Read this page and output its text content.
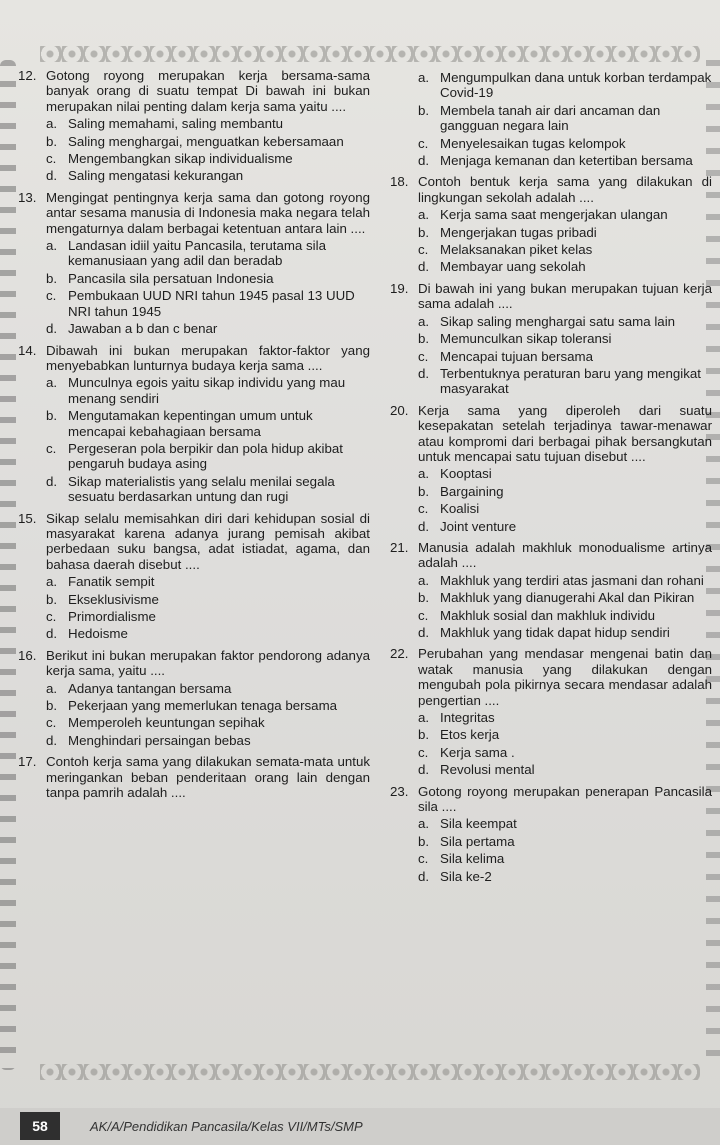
12. Gotong royong merupakan kerja bersama-sama banyak orang di suatu tempat Di bawah ini bukan merupakan nilai penting dalam kerja sama yaitu ....
a. Saling memahami, saling membantu
b. Saling menghargai, menguatkan kebersamaan
c. Mengembangkan sikap individualisme
d. Saling mengatasi kekurangan
13. Mengingat pentingnya kerja sama dan gotong royong antar sesama manusia di Indonesia maka negara telah mengaturnya dalam berbagai ketentuan antara lain ....
a. Landasan idiil yaitu Pancasila, terutama sila kemanusiaan yang adil dan beradab
b. Pancasila sila persatuan Indonesia
c. Pembukaan UUD NRI tahun 1945 pasal 13 UUD NRI tahun 1945
d. Jawaban a b dan c benar
14. Dibawah ini bukan merupakan faktor-faktor yang menyebabkan lunturnya budaya kerja sama ....
a. Munculnya egois yaitu sikap individu yang mau menang sendiri
b. Mengutamakan kepentingan umum untuk mencapai kebahagiaan bersama
c. Pergeseran pola berpikir dan pola hidup akibat pengaruh budaya asing
d. Sikap materialistis yang selalu menilai segala sesuatu berdasarkan untung dan rugi
15. Sikap selalu memisahkan diri dari kehidupan sosial di masyarakat karena adanya jurang pemisah akibat perbedaan suku bangsa, adat istiadat, agama, dan bahasa daerah disebut ....
a. Fanatik sempit
b. Ekseklusivisme
c. Primordialisme
d. Hedoisme
16. Berikut ini bukan merupakan faktor pendorong adanya kerja sama, yaitu ....
a. Adanya tantangan bersama
b. Pekerjaan yang memerlukan tenaga bersama
c. Memperoleh keuntungan sepihak
d. Menghindari persaingan bebas
17. Contoh kerja sama yang dilakukan semata-mata untuk meringankan beban penderitaan orang lain dengan tanpa pamrih adalah ....
a. Mengumpulkan dana untuk korban terdampak Covid-19
b. Membela tanah air dari ancaman dan gangguan negara lain
c. Menyelesaikan tugas kelompok
d. Menjaga kemanan dan ketertiban bersama
18. Contoh bentuk kerja sama yang dilakukan di lingkungan sekolah adalah ....
a. Kerja sama saat mengerjakan ulangan
b. Mengerjakan tugas pribadi
c. Melaksanakan piket kelas
d. Membayar uang sekolah
19. Di bawah ini yang bukan merupakan tujuan kerja sama adalah ....
a. Sikap saling menghargai satu sama lain
b. Memunculkan sikap toleransi
c. Mencapai tujuan bersama
d. Terbentuknya peraturan baru yang mengikat masyarakat
20. Kerja sama yang diperoleh dari suatu kesepakatan setelah terjadinya tawar-menawar atau kompromi dari berbagai pihak bersangkutan untuk mencapai satu tujuan disebut ....
a. Kooptasi
b. Bargaining
c. Koalisi
d. Joint venture
21. Manusia adalah makhluk monodualisme artinya adalah ....
a. Makhluk yang terdiri atas jasmani dan rohani
b. Makhluk yang dianugerahi Akal dan Pikiran
c. Makhluk sosial dan makhluk individu
d. Makhluk yang tidak dapat hidup sendiri
22. Perubahan yang mendasar mengenai batin dan watak manusia yang dilakukan dengan mengubah pola pikirnya secara mendasar adalah pengertian ....
a. Integritas
b. Etos kerja
c. Kerja sama .
d. Revolusi mental
23. Gotong royong merupakan penerapan Pancasila sila ....
a. Sila keempat
b. Sila pertama
c. Sila kelima
d. Sila ke-2
58	AK/A/Pendidikan Pancasila/Kelas VII/MTs/SMP
